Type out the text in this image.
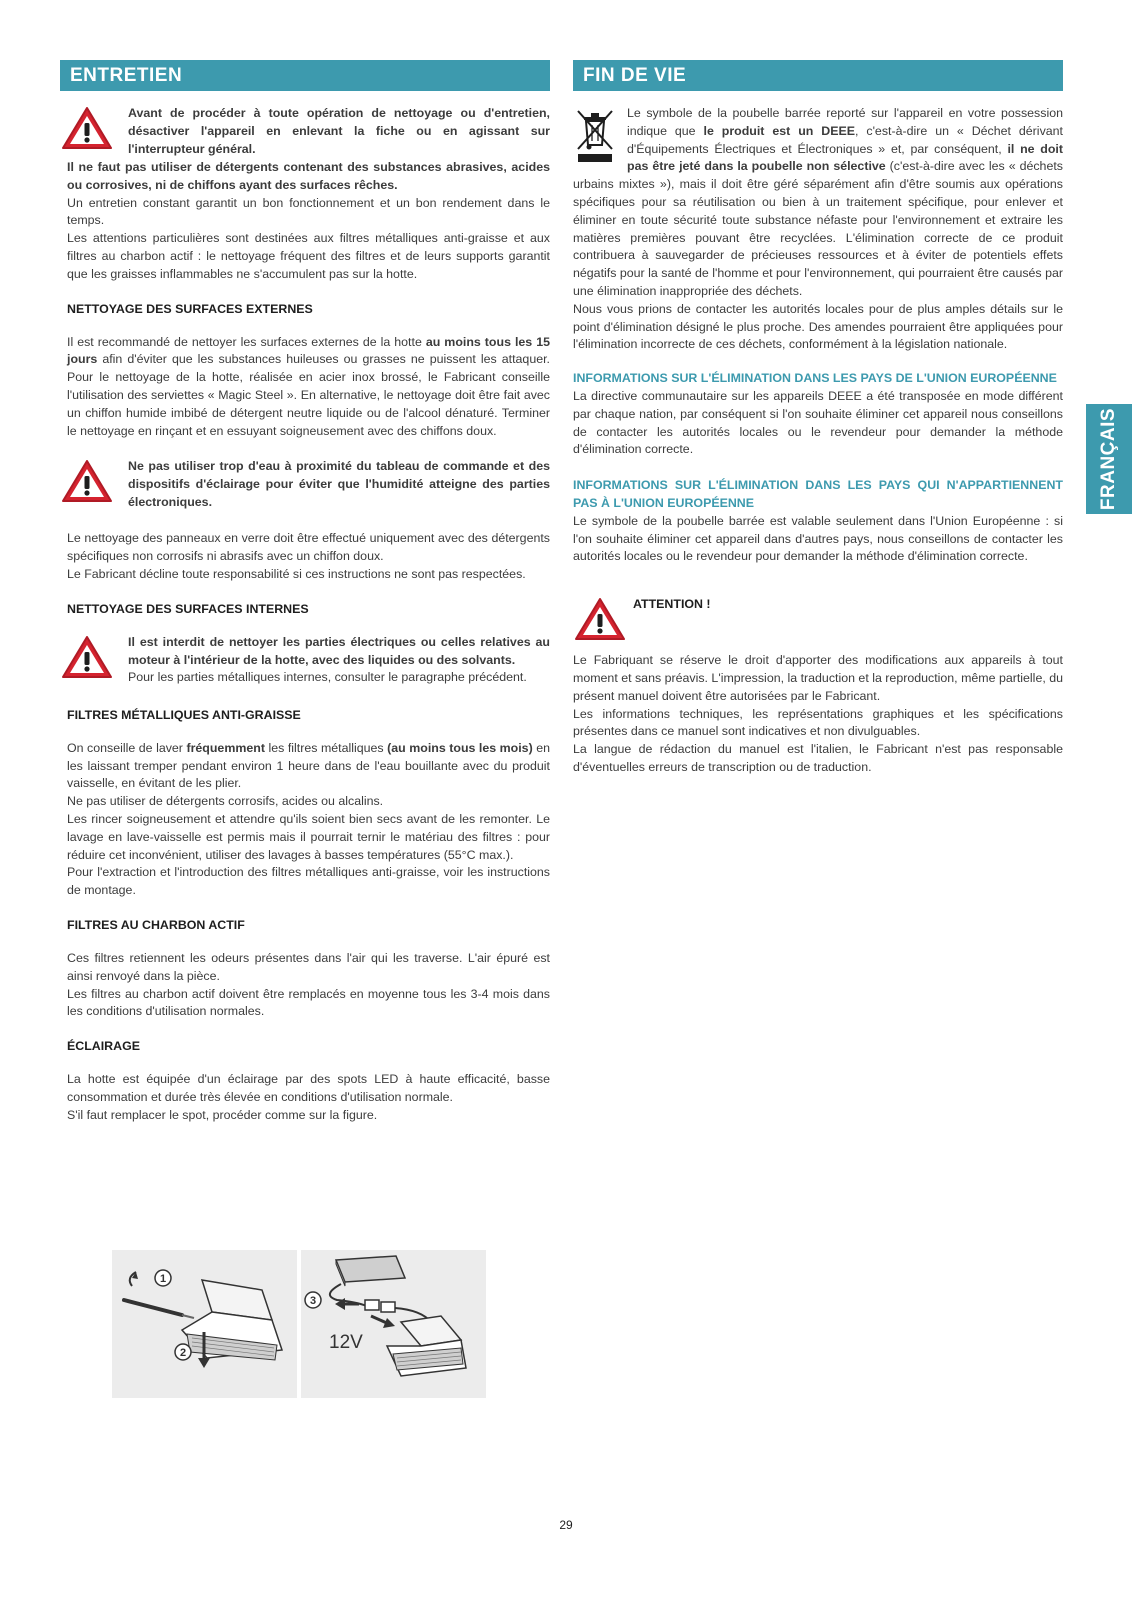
ENTRETIEN

Avant de procéder à toute opération de nettoyage ou d'entretien, désactiver l'appareil en enlevant la fiche ou en agissant sur l'interrupteur général.

Il ne faut pas utiliser de détergents contenant des substances abrasives, acides ou corrosives, ni de chiffons ayant des surfaces rêches.

Un entretien constant garantit un bon fonctionnement et un bon rendement dans le temps.

Les attentions particulières sont destinées aux filtres métalliques anti-graisse et aux filtres au charbon actif : le nettoyage fréquent des filtres et de leurs supports garantit que les graisses inflammables ne s'accumulent pas sur la hotte.

NETTOYAGE DES SURFACES EXTERNES

Il est recommandé de nettoyer les surfaces externes de la hotte au moins tous les 15 jours afin d'éviter que les substances huileuses ou grasses ne puissent les attaquer. Pour le nettoyage de la hotte, réalisée en acier inox brossé, le Fabricant conseille l'utilisation des serviettes « Magic Steel ». En alternative, le nettoyage doit être fait avec un chiffon humide imbibé de détergent neutre liquide ou de l'alcool dénaturé. Terminer le nettoyage en rinçant et en essuyant soigneusement avec des chiffons doux.

Ne pas utiliser trop d'eau à proximité du tableau de commande et des dispositifs d'éclairage pour éviter que l'humidité atteigne des parties électroniques.

Le nettoyage des panneaux en verre doit être effectué uniquement avec des détergents spécifiques non corrosifs ni abrasifs avec un chiffon doux.

Le Fabricant décline toute responsabilité si ces instructions ne sont pas respectées.

NETTOYAGE DES SURFACES INTERNES

Il est interdit de nettoyer les parties électriques ou celles relatives au moteur à l'intérieur de la hotte, avec des liquides ou des solvants.

Pour les parties métalliques internes, consulter le paragraphe précédent.

FILTRES MÉTALLIQUES ANTI-GRAISSE

On conseille de laver fréquemment les filtres métalliques (au moins tous les mois) en les laissant tremper pendant environ 1 heure dans de l'eau bouillante avec du produit vaisselle, en évitant de les plier.

Ne pas utiliser de détergents corrosifs, acides ou alcalins.

Les rincer soigneusement et attendre qu'ils soient bien secs avant de les remonter. Le lavage en lave-vaisselle est permis mais il pourrait ternir le matériau des filtres : pour réduire cet inconvénient, utiliser des lavages à basses températures (55°C max.).

Pour l'extraction et l'introduction des filtres métalliques anti-graisse, voir les instructions de montage.

FILTRES AU CHARBON ACTIF

Ces filtres retiennent les odeurs présentes dans l'air qui les traverse. L'air épuré est ainsi renvoyé dans la pièce.

Les filtres au charbon actif doivent être remplacés en moyenne tous les 3-4 mois dans les conditions d'utilisation normales.

ÉCLAIRAGE

La hotte est équipée d'un éclairage par des spots LED à haute efficacité, basse consommation et durée très élevée en conditions d'utilisation normale.

S'il faut remplacer le spot, procéder comme sur la figure.

1
2
3
12V
FIN DE VIE

Le symbole de la poubelle barrée reporté sur l'appareil en votre possession indique que le produit est un DEEE, c'est-à-dire un « Déchet dérivant d'Équipements Électriques et Électroniques » et, par conséquent, il ne doit pas être jeté dans la poubelle non sélective (c'est-à-dire avec les « déchets urbains mixtes »), mais il doit être géré séparément afin d'être soumis aux opérations spécifiques pour sa réutilisation ou bien à un traitement spécifique, pour enlever et éliminer en toute sécurité toute substance néfaste pour l'environnement et extraire les matières premières pouvant être recyclées. L'élimination correcte de ce produit contribuera à sauvegarder de précieuses ressources et à éviter de potentiels effets négatifs pour la santé de l'homme et pour l'environnement, qui pourraient être causés par une élimination inappropriée des déchets.

Nous vous prions de contacter les autorités locales pour de plus amples détails sur le point d'élimination désigné le plus proche. Des amendes pourraient être appliquées pour l'élimination incorrecte de ces déchets, conformément à la législation nationale.

INFORMATIONS SUR L'ÉLIMINATION DANS LES PAYS DE L'UNION EUROPÉENNE

La directive communautaire sur les appareils DEEE a été transposée en mode différent par chaque nation, par conséquent si l'on souhaite éliminer cet appareil nous conseillons de contacter les autorités locales ou le revendeur pour demander la méthode d'élimination correcte.

INFORMATIONS SUR L'ÉLIMINATION DANS LES PAYS QUI N'APPARTIENNENT PAS À L'UNION EUROPÉENNE

Le symbole de la poubelle barrée est valable seulement dans l'Union Européenne : si l'on souhaite éliminer cet appareil dans d'autres pays, nous conseillons de contacter les autorités locales ou le revendeur pour demander la méthode d'élimination correcte.

ATTENTION !

Le Fabriquant se réserve le droit d'apporter des modifications aux appareils à tout moment et sans préavis. L'impression, la traduction et la reproduction, même partielle, du présent manuel doivent être autorisées par le Fabricant.

Les informations techniques, les représentations graphiques et les spécifications présentes dans ce manuel sont indicatives et non divulguables.

La langue de rédaction du manuel est l'italien, le Fabricant n'est pas responsable d'éventuelles erreurs de transcription ou de traduction.

FRANÇAIS
29
